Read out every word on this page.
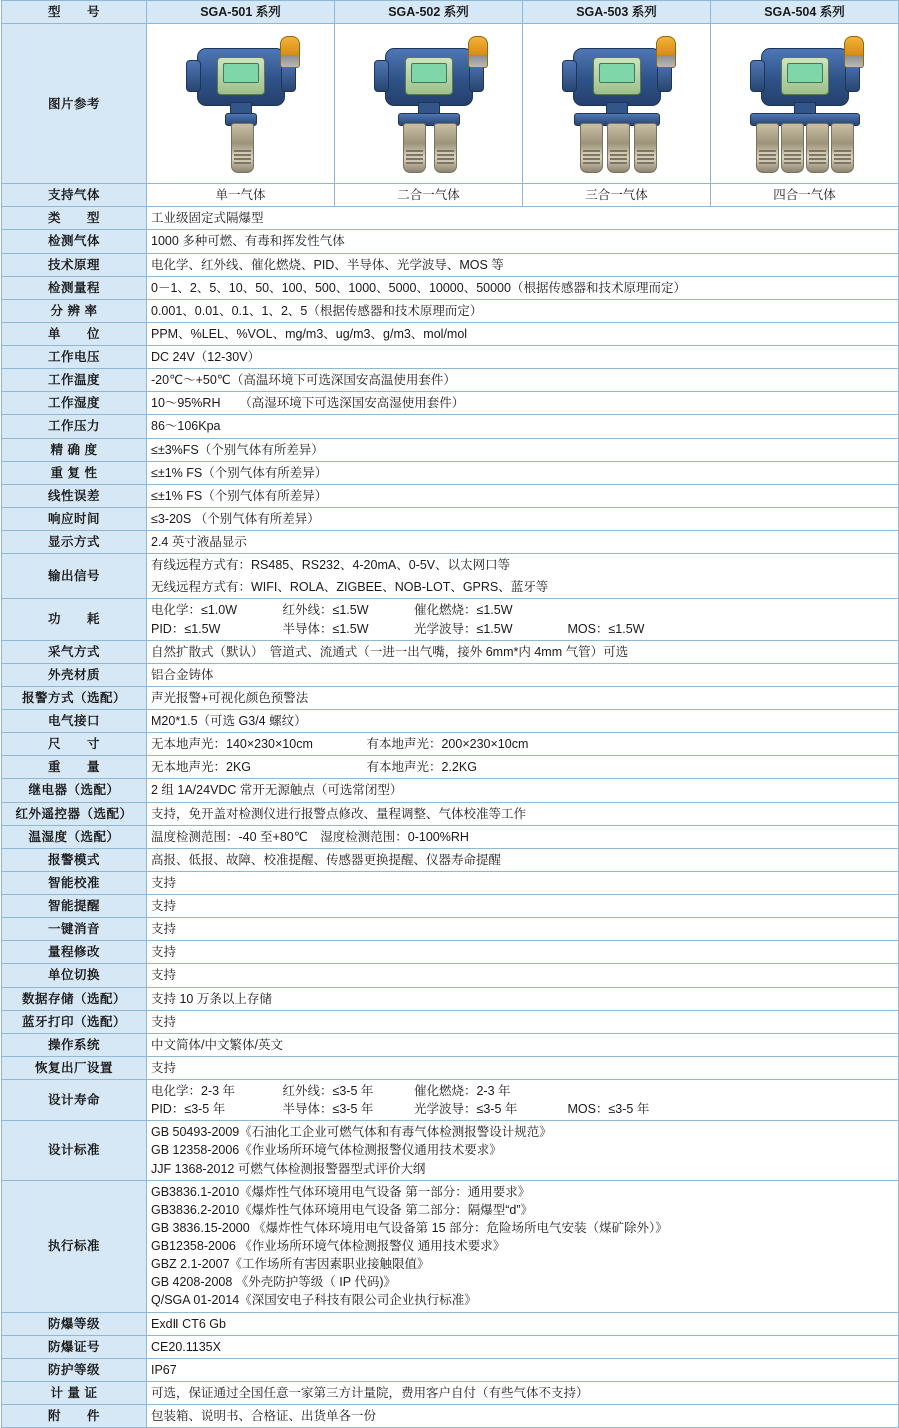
型　　号	SGA-501 系列	SGA-502 系列	SGA-503 系列	SGA-504 系列
图片参考	

支持气体	单一气体	二合一气体	三合一气体	四合一气体
类　　型	工业级固定式隔爆型			
检测气体	1000 多种可燃、有毒和挥发性气体			
技术原理	电化学、红外线、催化燃烧、PID、半导体、光学波导、MOS 等			
检测量程	0－1、2、5、10、50、100、500、1000、5000、10000、50000（根据传感器和技术原理而定）			
分 辨 率	0.001、0.01、0.1、1、2、5（根据传感器和技术原理而定）			
单　　位	PPM、%LEL、%VOL、mg/m3、ug/m3、g/m3、mol/mol			
工作电压	DC 24V（12-30V）			
工作温度	-20℃～+50℃（高温环境下可选深国安高温使用套件）			
工作湿度	10～95%RH　　（高湿环境下可选深国安高湿使用套件）			
工作压力	86～106Kpa			
精 确 度	≤±3%FS（个别气体有所差异）			
重 复 性	≤±1% FS（个别气体有所差异）			
线性误差	≤±1% FS（个别气体有所差异）			
响应时间	≤3-20S （个别气体有所差异）			
显示方式	2.4 英寸液晶显示			
输出信号	有线远程方式有：RS485、RS232、4-20mA、0-5V、以太网口等
无线远程方式有：WIFI、ROLA、ZIGBEE、NOB-LOT、GPRS、蓝牙等			

功　　耗	电化学：≤1.0W 红外线：≤1.5W 催化燃烧：≤1.5W
PID：≤1.5W 半导体：≤1.5W 光学波导：≤1.5W MOS：≤1.5W			

采气方式	自然扩散式（默认）　管道式、流通式（一进一出气嘴，接外 6mm*内 4mm 气管）可选			
外壳材质	铝合金铸体			
报警方式（选配）	声光报警+可视化颜色预警法			
电气接口	M20*1.5（可选 G3/4 螺纹）			
尺　　寸	无本地声光：140×230×10cm 有本地声光：200×230×10cm			
重　　量	无本地声光：2KG 有本地声光：2.2KG			
继电器（选配）	2 组 1A/24VDC 常开无源触点（可选常闭型）			
红外遥控器（选配）	支持，免开盖对检测仪进行报警点修改、量程调整、气体校准等工作			
温湿度（选配）	温度检测范围：-40 至+80℃　湿度检测范围：0-100%RH			
报警模式	高报、低报、故障、校准提醒、传感器更换提醒、仪器寿命提醒			
智能校准	支持			
智能提醒	支持			
一键消音	支持			
量程修改	支持			
单位切换	支持			
数据存储（选配）	支持 10 万条以上存储			
蓝牙打印（选配）	支持			
操作系统	中文简体/中文繁体/英文			
恢复出厂设置	支持			
设计寿命	电化学：2-3 年 红外线：≤3-5 年 催化燃烧：2-3 年
PID：≤3-5 年 半导体：≤3-5 年 光学波导：≤3-5 年 MOS：≤3-5 年			

设计标准	GB 50493-2009《石油化工企业可燃气体和有毒气体检测报警设计规范》
GB 12358-2006《作业场所环境气体检测报警仪通用技术要求》
JJF 1368-2012 可燃气体检测报警器型式评价大纲			

执行标准	
GB3836.1-2010《爆炸性气体环境用电气设备 第一部分：通用要求》
GB3836.2-2010《爆炸性气体环境用电气设备 第二部分：隔爆型“d”》
GB 3836.15-2000 《爆炸性气体环境用电气设备第 15 部分：危险场所电气安装（煤矿除外）》
GB12358-2006 《作业场所环境气体检测报警仪 通用技术要求》
GBZ 2.1-2007《工作场所有害因素职业接触限值》
GB 4208-2008 《外壳防护等级（ IP 代码)》
Q/SGA 01-2014《深国安电子科技有限公司企业执行标准》

防爆等级	ExdⅡ CT6 Gb			
防爆证号	CE20.1135X			
防护等级	IP67			
计 量 证	可选，保证通过全国任意一家第三方计量院，费用客户自付（有些气体不支持）			
附　　件	包装箱、说明书、合格证、出货单各一份			
